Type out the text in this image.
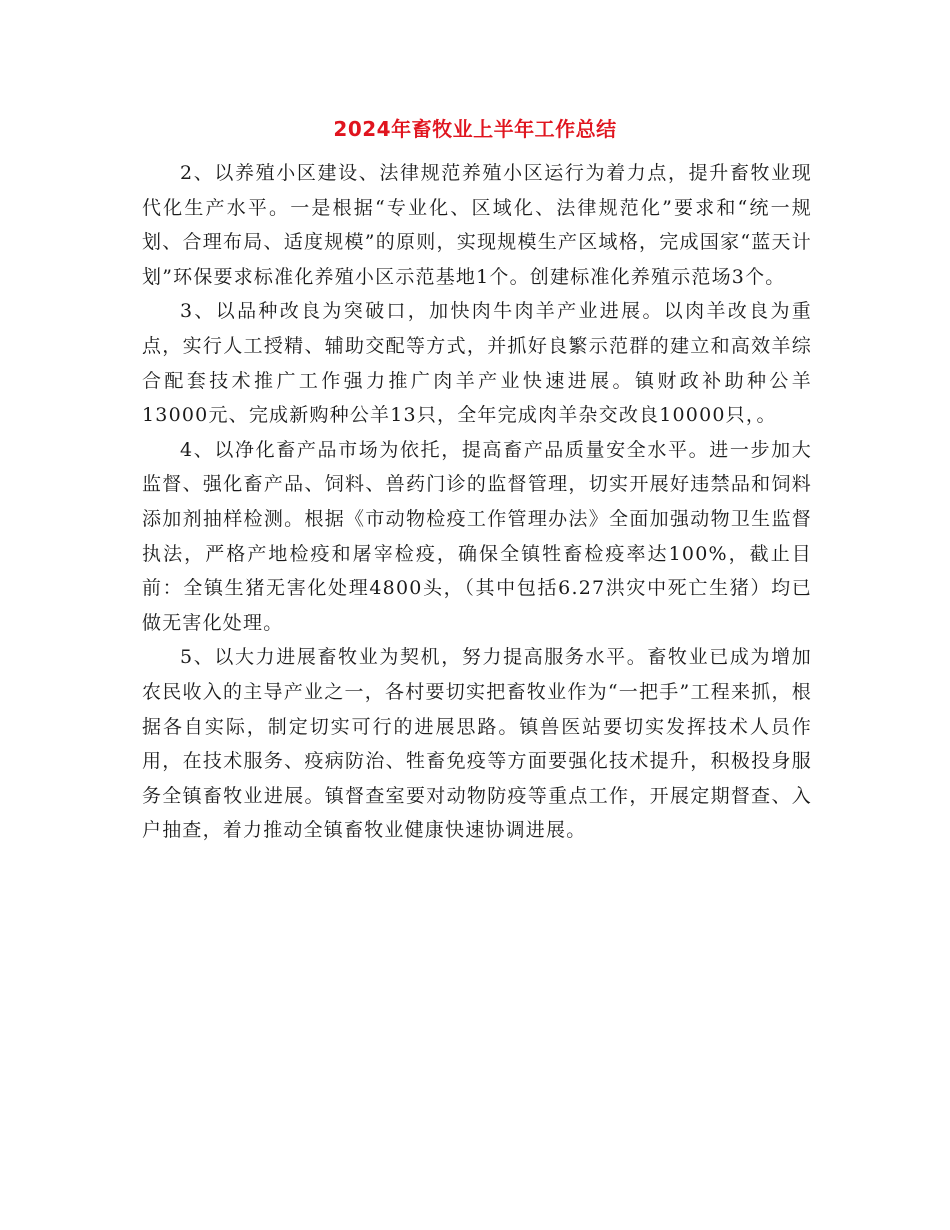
2024年畜牧业上半年工作总结

2、以养殖小区建设、法律规范养殖小区运行为着力点，提升畜牧业现代化生产水平。一是根据“专业化、区域化、法律规范化”要求和“统一规划、合理布局、适度规模”的原则，实现规模生产区域格，完成国家“蓝天计划”环保要求标准化养殖小区示范基地1个。创建标准化养殖示范场3个。

3、以品种改良为突破口，加快肉牛肉羊产业进展。以肉羊改良为重点，实行人工授精、辅助交配等方式，并抓好良繁示范群的建立和高效羊综合配套技术推广工作强力推广肉羊产业快速进展。镇财政补助种公羊13000元、完成新购种公羊13只，全年完成肉羊杂交改良10000只，。

4、以净化畜产品市场为依托，提高畜产品质量安全水平。进一步加大监督、强化畜产品、饲料、兽药门诊的监督管理，切实开展好违禁品和饲料添加剂抽样检测。根据《市动物检疫工作管理办法》全面加强动物卫生监督执法，严格产地检疫和屠宰检疫，确保全镇牲畜检疫率达100%，截止目前：全镇生猪无害化处理4800头，（其中包括6.27洪灾中死亡生猪）均已做无害化处理。

5、以大力进展畜牧业为契机，努力提高服务水平。畜牧业已成为增加农民收入的主导产业之一，各村要切实把畜牧业作为“一把手”工程来抓，根据各自实际，制定切实可行的进展思路。镇兽医站要切实发挥技术人员作用，在技术服务、疫病防治、牲畜免疫等方面要强化技术提升，积极投身服务全镇畜牧业进展。镇督查室要对动物防疫等重点工作，开展定期督查、入户抽查，着力推动全镇畜牧业健康快速协调进展。
